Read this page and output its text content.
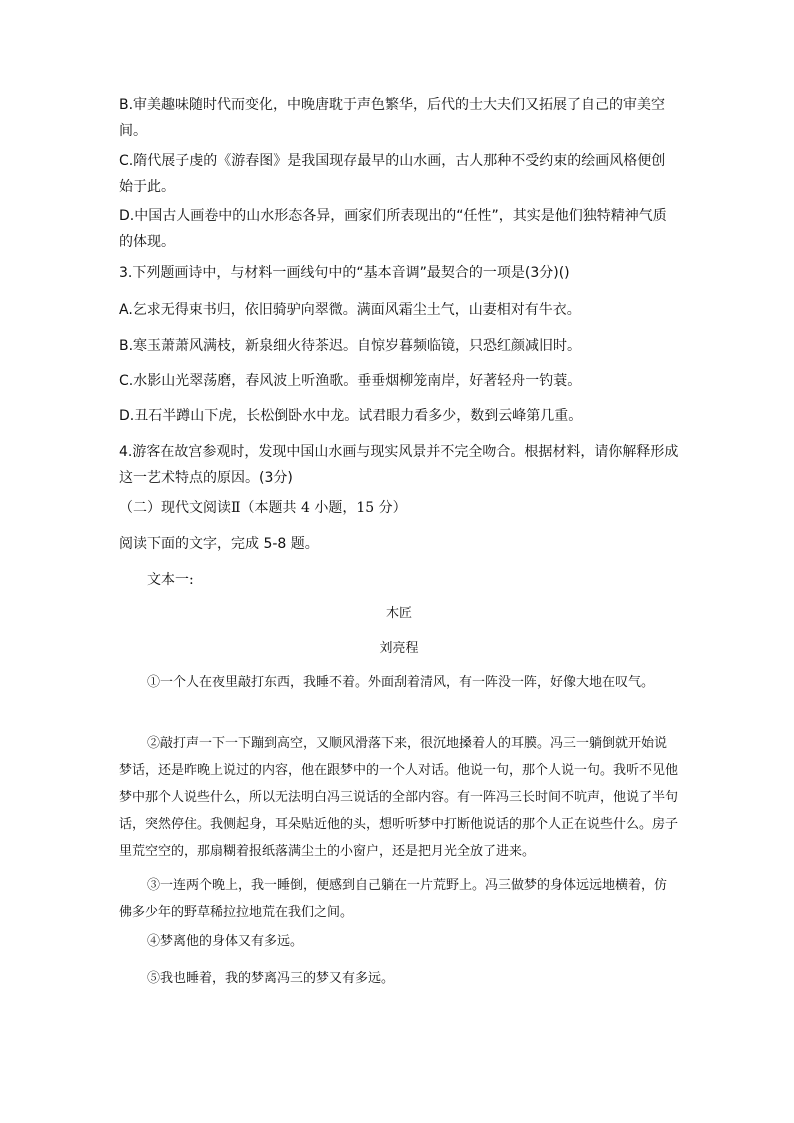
B.审美趣味随时代而变化，中晚唐耽于声色繁华，后代的士大夫们又拓展了自己的审美空间。

C.隋代展子虔的《游春图》是我国现存最早的山水画，古人那种不受约束的绘画风格便创始于此。

D.中国古人画卷中的山水形态各异，画家们所表现出的“任性”，其实是他们独特精神气质的体现。

3.下列题画诗中，与材料一画线句中的“基本音调”最契合的一项是(3分)()

A.乞求无得束书归，依旧骑驴向翠微。满面风霜尘土气，山妻相对有牛衣。

B.寒玉萧萧风满枝，新泉细火待茶迟。自惊岁暮频临镜，只恐红颜减旧时。

C.水影山光翠荡磨，春风波上听渔歌。垂垂烟柳笼南岸，好著轻舟一钓蓑。

D.丑石半蹲山下虎，长松倒卧水中龙。试君眼力看多少，数到云峰第几重。

4.游客在故宫参观时，发现中国山水画与现实风景并不完全吻合。根据材料，请你解释形成这一艺术特点的原因。(3分)

（二）现代文阅读Ⅱ（本题共 4 小题，15 分）

阅读下面的文字，完成 5-8 题。

文本一:

木匠

刘亮程

①一个人在夜里敲打东西，我睡不着。外面刮着清风，有一阵没一阵，好像大地在叹气。

②敲打声一下一下蹦到高空，又顺风滑落下来，很沉地搡着人的耳膜。冯三一躺倒就开始说梦话，还是昨晚上说过的内容，他在跟梦中的一个人对话。他说一句，那个人说一句。我听不见他梦中那个人说些什么，所以无法明白冯三说话的全部内容。有一阵冯三长时间不吭声，他说了半句话，突然停住。我侧起身，耳朵贴近他的头，想听听梦中打断他说话的那个人正在说些什么。房子里荒空空的，那扇糊着报纸落满尘土的小窗户，还是把月光全放了进来。

③一连两个晚上，我一睡倒，便感到自己躺在一片荒野上。冯三做梦的身体远远地横着，仿佛多少年的野草稀拉拉地荒在我们之间。

④梦离他的身体又有多远。

⑤我也睡着，我的梦离冯三的梦又有多远。
